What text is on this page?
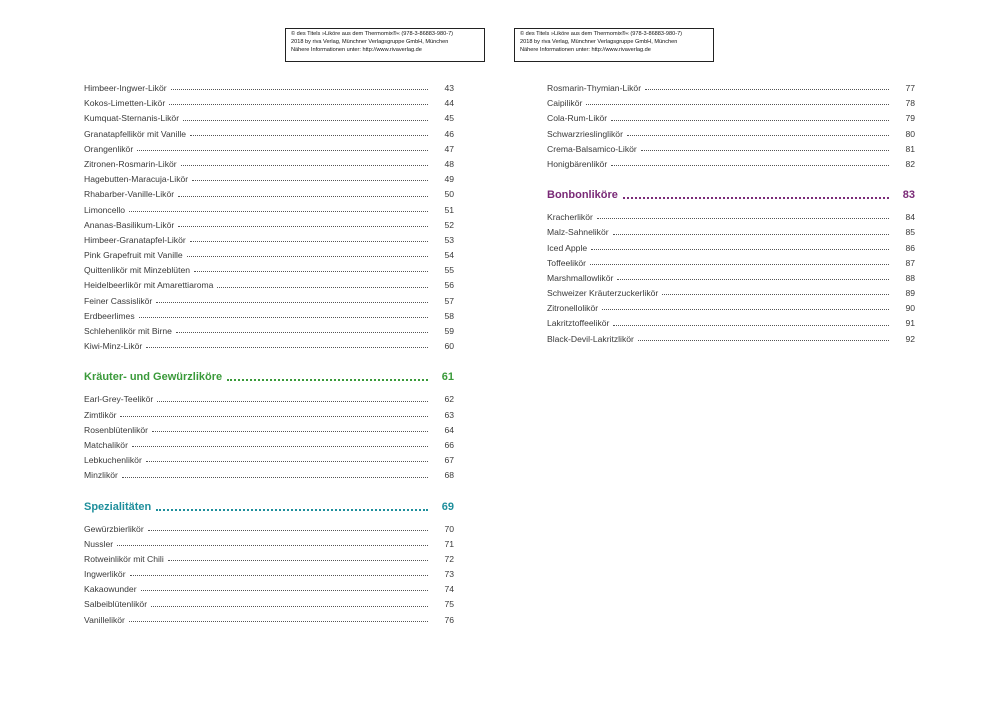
© des Titels »Liköre aus dem Thermomix®« (978-3-86883-980-7)
2018 by riva Verlag, Münchner Verlagsgruppe GmbH, München
Nähere Informationen unter: http://www.rivaverlag.de
© des Titels »Liköre aus dem Thermomix®« (978-3-86883-980-7)
2018 by riva Verlag, Münchner Verlagsgruppe GmbH, München
Nähere Informationen unter: http://www.rivaverlag.de
Himbeer-Ingwer-Likör	43
Kokos-Limetten-Likör	44
Kumquat-Sternanis-Likör	45
Granatapfellikör mit Vanille	46
Orangenlikör	47
Zitronen-Rosmarin-Likör	48
Hagebutten-Maracuja-Likör	49
Rhabarber-Vanille-Likör	50
Limoncello	51
Ananas-Basilikum-Likör	52
Himbeer-Granatapfel-Likör	53
Pink Grapefruit mit Vanille	54
Quittenlikör mit Minzeblüten	55
Heidelbeerlikör mit Amarettiaroma	56
Feiner Cassislikör	57
Erdbeerlimes	58
Schlehenlikör mit Birne	59
Kiwi-Minz-Likör	60
Kräuter- und Gewürzliköre	61
Earl-Grey-Teelikör	62
Zimtlikör	63
Rosenblütenlikör	64
Matchalikör	66
Lebkuchenlikör	67
Minzlikör	68
Spezialitäten	69
Gewürzbierlikör	70
Nussler	71
Rotweinlikör mit Chili	72
Ingwerlikör	73
Kakaowunder	74
Salbeiblütenlikör	75
Vanillelikör	76
Rosmarin-Thymian-Likör	77
Caipilikör	78
Cola-Rum-Likör	79
Schwarzrieslinglikör	80
Crema-Balsamico-Likör	81
Honigbärenlikör	82
Bonbonliköre	83
Kracherlikör	84
Malz-Sahnelikör	85
Iced Apple	86
Toffeelikör	87
Marshmallowlikör	88
Schweizer Kräuterzuckerlikör	89
Zitronellolikör	90
Lakritztoffeelikör	91
Black-Devil-Lakritzlikör	92
